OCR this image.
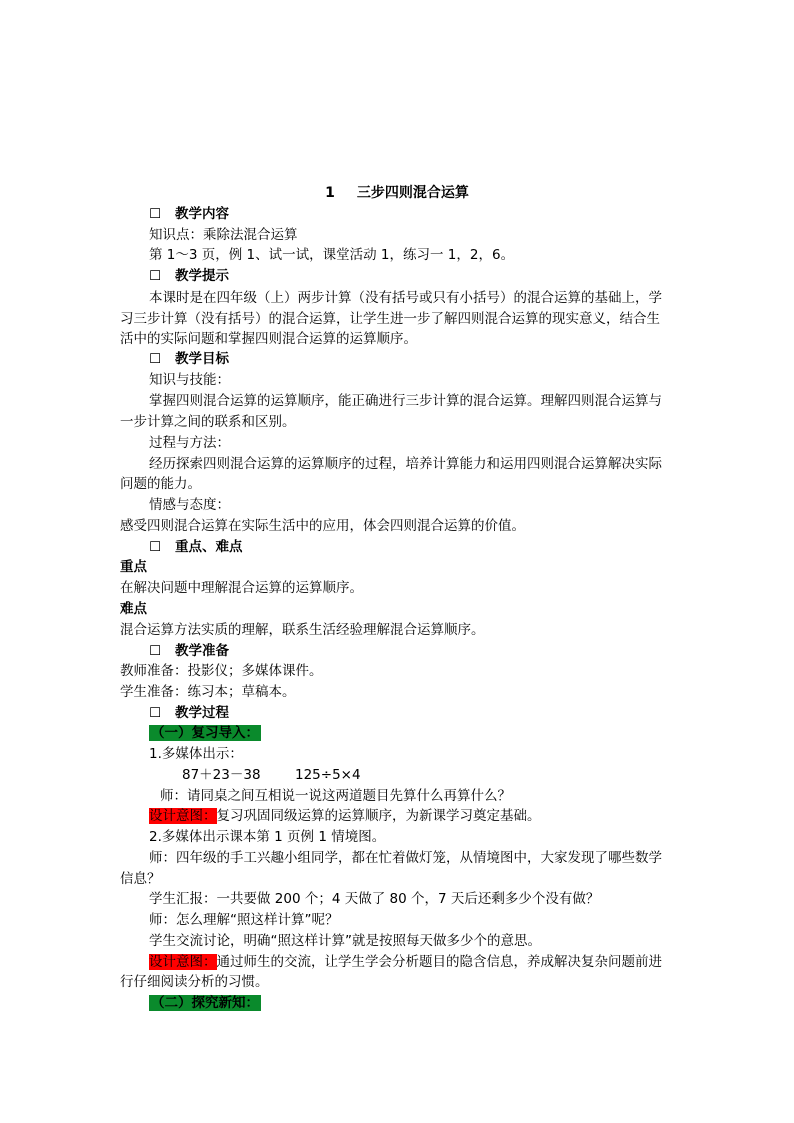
1 三步四则混合运算
☐ 教学内容
知识点：乘除法混合运算
第 1～3 页，例 1、试一试，课堂活动 1，练习一 1，2，6。
☐ 教学提示
本课时是在四年级（上）两步计算（没有括号或只有小括号）的混合运算的基础上，学
习三步计算（没有括号）的混合运算，让学生进一步了解四则混合运算的现实意义，结合生
活中的实际问题和掌握四则混合运算的运算顺序。
☐ 教学目标
知识与技能：
掌握四则混合运算的运算顺序，能正确进行三步计算的混合运算。理解四则混合运算与
一步计算之间的联系和区别。
过程与方法：
经历探索四则混合运算的运算顺序的过程，培养计算能力和运用四则混合运算解决实际
问题的能力。
情感与态度：
感受四则混合运算在实际生活中的应用，体会四则混合运算的价值。
☐ 重点、难点
重点
在解决问题中理解混合运算的运算顺序。
难点
混合运算方法实质的理解，联系生活经验理解混合运算顺序。
☐ 教学准备
教师准备：投影仪；多媒体课件。
学生准备：练习本；草稿本。
☐ 教学过程
（一）复习导入：
1.多媒体出示：
87＋23－38	125÷5×4
师：请同桌之间互相说一说这两道题目先算什么再算什么？
设计意图：复习巩固同级运算的运算顺序，为新课学习奠定基础。
2.多媒体出示课本第 1 页例 1 情境图。
师：四年级的手工兴趣小组同学，都在忙着做灯笼，从情境图中，大家发现了哪些数学
信息？
学生汇报：一共要做 200 个；4 天做了 80 个，7 天后还剩多少个没有做？
师：怎么理解“照这样计算”呢？
学生交流讨论，明确“照这样计算”就是按照每天做多少个的意思。
设计意图：通过师生的交流，让学生学会分析题目的隐含信息，养成解决复杂问题前进
行仔细阅读分析的习惯。
（二）探究新知：
